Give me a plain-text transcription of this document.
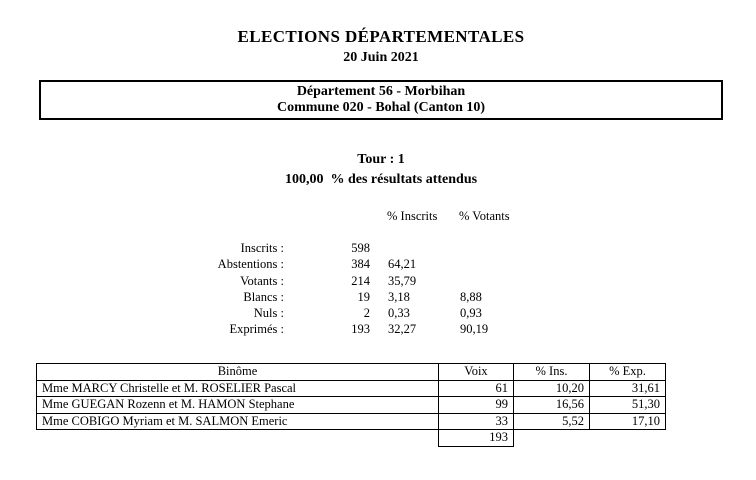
ELECTIONS DÉPARTEMENTALES
20 Juin 2021
Département 56 - Morbihan
Commune 020 - Bohal (Canton 10)
Tour : 1
100,00  % des résultats attendus
% Inscrits % Votants
Inscrits :	598
Abstentions :	384 64,21
Votants :	214 35,79
Blancs :	19 3,18	8,88
Nuls :	2 0,33	0,93
Exprimés :	193 32,27	90,19
Binôme	Voix	% Ins.	% Exp.
Mme MARCY Christelle et M. ROSELIER Pascal	61	10,20	31,61
Mme GUEGAN Rozenn et M. HAMON Stephane	99	16,56	51,30
Mme COBIGO Myriam et M. SALMON Emeric	33	5,52	17,10
	193		
